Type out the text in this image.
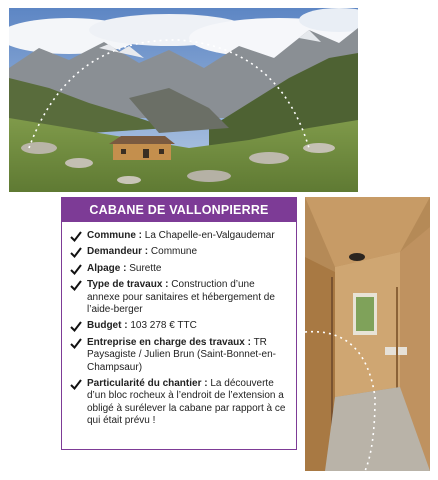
CABANE DE VALLONPIERRE
Commune : La Chapelle-en-Valgaudemar
Demandeur : Commune
Alpage : Surette
Type de travaux : Construction d’une annexe pour sanitaires et hébergement de l’aide-berger
Budget : 103 278 € TTC
Entreprise en charge des travaux : TR Paysagiste / Julien Brun (Saint-Bonnet-en-Champsaur)
Particularité du chantier : La découverte d’un bloc rocheux à l’endroit de l’extension a obligé à surélever la cabane par rapport à ce qui était prévu !
